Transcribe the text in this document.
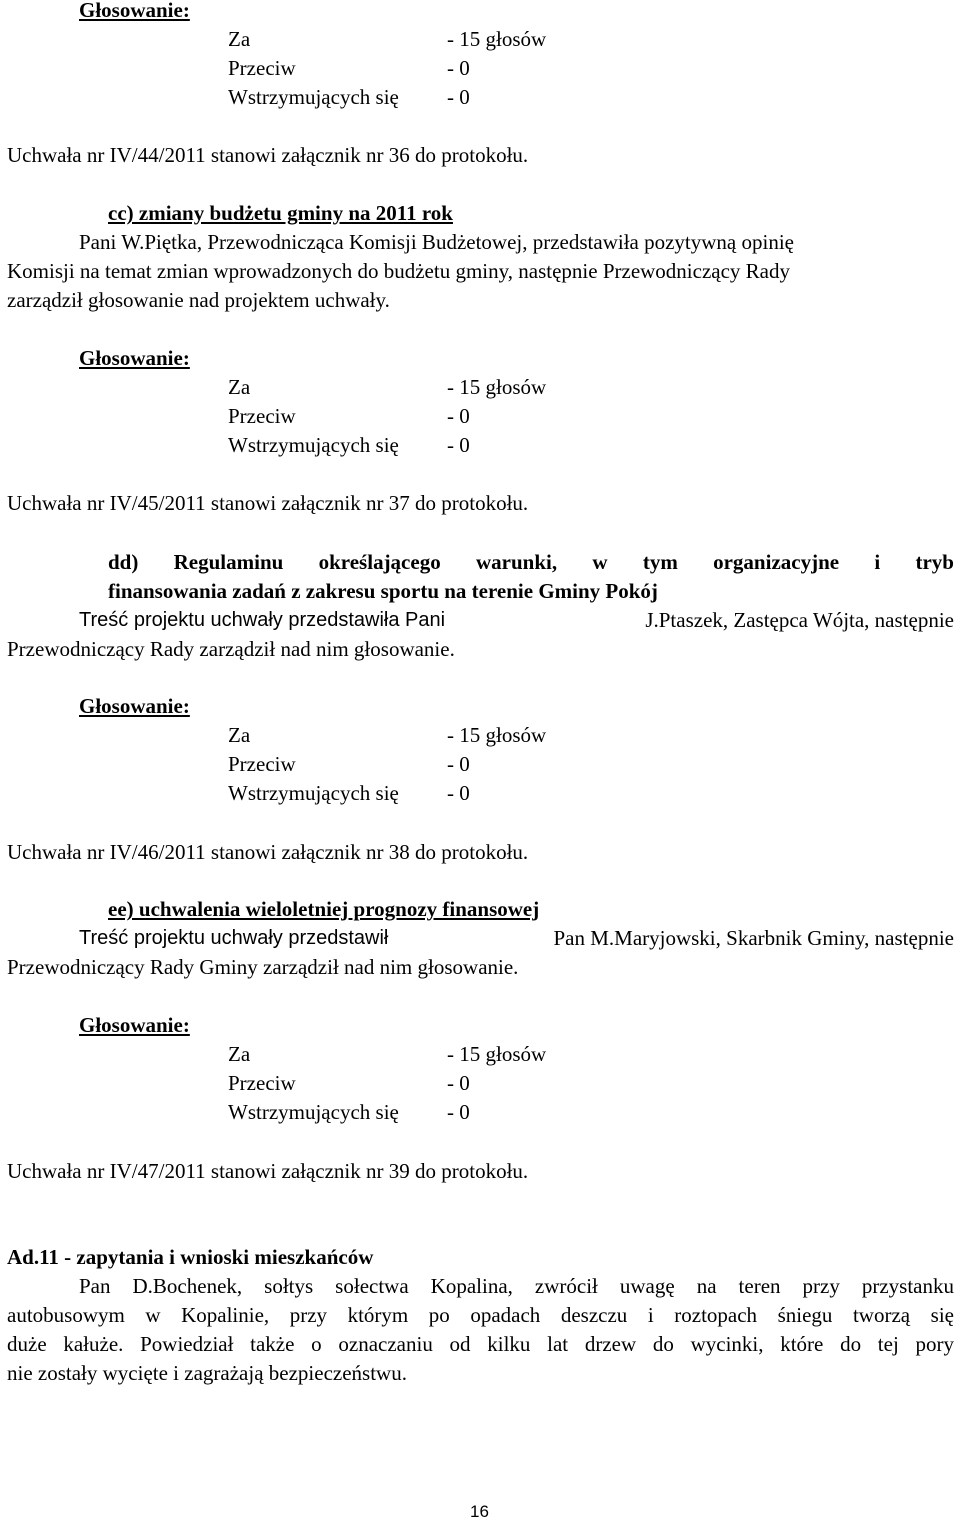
Głosowanie:
Za	- 15 głosów
Przeciw	- 0
Wstrzymujących się - 0
Uchwała nr IV/44/2011 stanowi załącznik nr 36 do protokołu.
cc) zmiany budżetu gminy na 2011 rok
Pani W.Piętka, Przewodnicząca Komisji Budżetowej, przedstawiła pozytywną opinię
Komisji na temat zmian wprowadzonych do budżetu gminy, następnie Przewodniczący Rady
zarządził głosowanie nad projektem uchwały.
Głosowanie:
Za	- 15 głosów
Przeciw	- 0
Wstrzymujących się - 0
Uchwała nr IV/45/2011 stanowi załącznik nr 37 do protokołu.
dd) Regulaminu określającego warunki, w tym organizacyjne i tryb
finansowania zadań z zakresu sportu na terenie Gminy Pokój
Treść projektu uchwały przedstawiła Pani	J.Ptaszek, Zastępca Wójta, następnie
Przewodniczący Rady zarządził nad nim głosowanie.
Głosowanie:
Za	- 15 głosów
Przeciw	- 0
Wstrzymujących się - 0
Uchwała nr IV/46/2011 stanowi załącznik nr 38 do protokołu.
ee) uchwalenia wieloletniej prognozy finansowej
Treść projektu uchwały przedstawił	Pan M.Maryjowski, Skarbnik Gminy, następnie
Przewodniczący Rady Gminy zarządził nad nim głosowanie.
Głosowanie:
Za	- 15 głosów
Przeciw	- 0
Wstrzymujących się - 0
Uchwała nr IV/47/2011 stanowi załącznik nr 39 do protokołu.
Ad.11 - zapytania i wnioski mieszkańców
Pan D.Bochenek, sołtys sołectwa Kopalina, zwrócił uwagę na teren przy przystanku
autobusowym w Kopalinie, przy którym po opadach deszczu i roztopach śniegu tworzą się
duże kałuże. Powiedział także o oznaczaniu od kilku lat drzew do wycinki, które do tej pory
nie zostały wycięte i zagrażają bezpieczeństwu.
16
